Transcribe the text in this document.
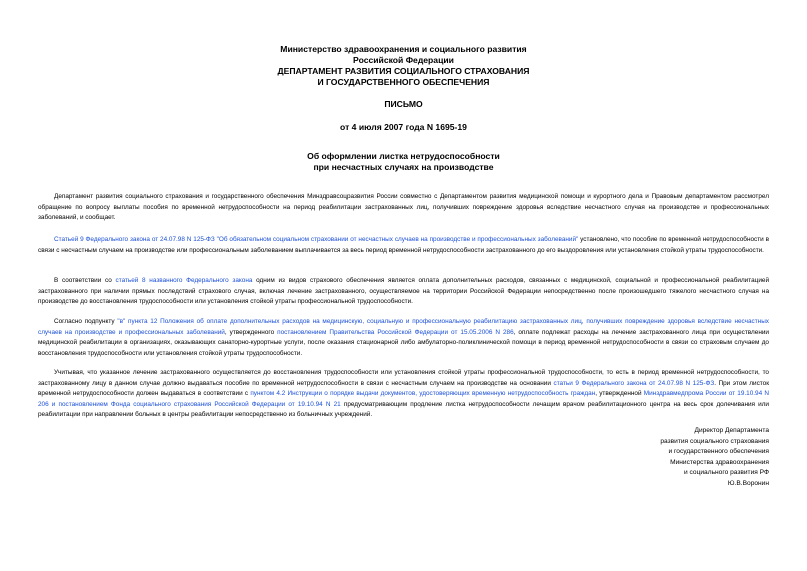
Министерство здравоохранения и социального развития
Российской Федерации
ДЕПАРТАМЕНТ РАЗВИТИЯ СОЦИАЛЬНОГО СТРАХОВАНИЯ
И ГОСУДАРСТВЕННОГО ОБЕСПЕЧЕНИЯ
ПИСЬМО
от 4 июля 2007 года N 1695-19
Об оформлении листка нетрудоспособности
при несчастных случаях на производстве

Департамент развития социального страхования и государственного обеспечения Минздравсоцразвития России совместно с Департаментом развития медицинской помощи и курортного дела и Правовым департаментом рассмотрел обращение по вопросу выплаты пособия по временной нетрудоспособности на период реабилитации застрахованных лиц, получивших повреждение здоровья вследствие несчастного случая на производстве и профессиональных заболеваний, и сообщает.

Статьей 9 Федерального закона от 24.07.98 N 125-ФЗ "Об обязательном социальном страховании от несчастных случаев на производстве и профессиональных заболеваний" установлено, что пособие по временной нетрудоспособности в связи с несчастным случаем на производстве или профессиональным заболеванием выплачивается за весь период временной нетрудоспособности застрахованного до его выздоровления или установления стойкой утраты трудоспособности.

В соответствии со статьей 8 названного Федерального закона одним из видов страхового обеспечения является оплата дополнительных расходов, связанных с медицинской, социальной и профессиональной реабилитацией застрахованного при наличии прямых последствий страхового случая, включая лечение застрахованного, осуществляемое на территории Российской Федерации непосредственно после произошедшего тяжелого несчастного случая на производстве до восстановления трудоспособности или установления стойкой утраты профессиональной трудоспособности.

Согласно подпункту "в" пункта 12 Положения об оплате дополнительных расходов на медицинскую, социальную и профессиональную реабилитацию застрахованных лиц, получивших повреждение здоровья вследствие несчастных случаев на производстве и профессиональных заболеваний, утвержденного постановлением Правительства Российской Федерации от 15.05.2006 N 286, оплате подлежат расходы на лечение застрахованного лица при осуществлении медицинской реабилитации в организациях, оказывающих санаторно-курортные услуги, после оказания стационарной либо амбулаторно-поликлинической помощи в период временной нетрудоспособности в связи со страховым случаем до восстановления трудоспособности или установления стойкой утраты трудоспособности.

Учитывая, что указанное лечение застрахованного осуществляется до восстановления трудоспособности или установления стойкой утраты профессиональной трудоспособности, то есть в период временной нетрудоспособности, то застрахованному лицу в данном случае должно выдаваться пособие по временной нетрудоспособности в связи с несчастным случаем на производстве на основании статьи 9 Федерального закона от 24.07.98 N 125-ФЗ. При этом листок временной нетрудоспособности должен выдаваться в соответствии с пунктом 4.2 Инструкции о порядке выдачи документов, удостоверяющих временную нетрудоспособность граждан, утвержденной Минздравмедпрома России от 19.10.94 N 206 и постановлением Фонда социального страхования Российской Федерации от 19.10.94 N 21 предусматривающим продление листка нетрудоспособности лечащим врачом реабилитационного центра на весь срок долечивания или реабилитации при направлении больных в центры реабилитации непосредственно из больничных учреждений.

Директор Департамента
развития социального страхования
и государственного обеспечения
Министерства здравоохранения
и социального развития РФ
Ю.В.Воронин
